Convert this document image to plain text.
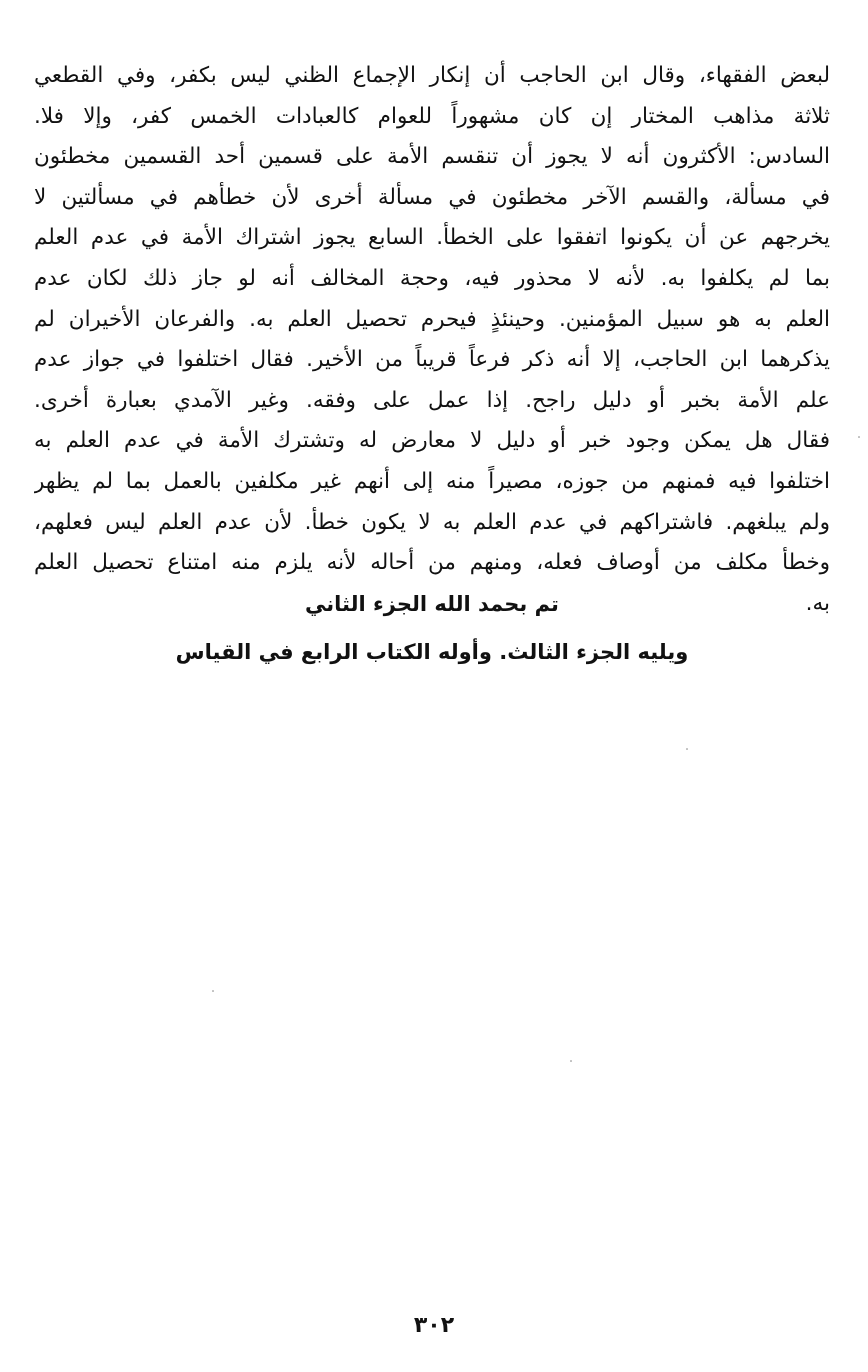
لبعض الفقهاء، وقال ابن الحاجب أن إنكار الإجماع الظني ليس بكفر، وفي القطعي
ثلاثة مذاهب المختار إن كان مشهوراً للعوام كالعبادات الخمس كفر، وإلا فلا.
السادس: الأكثرون أنه لا يجوز أن تنقسم الأمة على قسمين أحد القسمين مخطئون
في مسألة، والقسم الآخر مخطئون في مسألة أخرى لأن خطأهم في مسألتين لا
يخرجهم عن أن يكونوا اتفقوا على الخطأ. السابع يجوز اشتراك الأمة في عدم العلم
بما لم يكلفوا به. لأنه لا محذور فيه، وحجة المخالف أنه لو جاز ذلك لكان عدم
العلم به هو سبيل المؤمنين. وحينئذٍ فيحرم تحصيل العلم به. والفرعان الأخيران لم
يذكرهما ابن الحاجب، إلا أنه ذكر فرعاً قريباً من الأخير. فقال اختلفوا في جواز عدم
علم الأمة بخبر أو دليل راجح. إذا عمل على وفقه. وغير الآمدي بعبارة أخرى.
فقال هل يمكن وجود خبر أو دليل لا معارض له وتشترك الأمة في عدم العلم به
اختلفوا فيه فمنهم من جوزه، مصيراً منه إلى أنهم غير مكلفين بالعمل بما لم يظهر
ولم يبلغهم. فاشتراكهم في عدم العلم به لا يكون خطأ. لأن عدم العلم ليس فعلهم،
وخطأ مكلف من أوصاف فعله، ومنهم من أحاله لأنه يلزم منه امتناع تحصيل العلم
به.
تم بحمد الله الجزء الثاني
ويليه الجزء الثالث. وأوله الكتاب الرابع في القياس
٣٠٢
